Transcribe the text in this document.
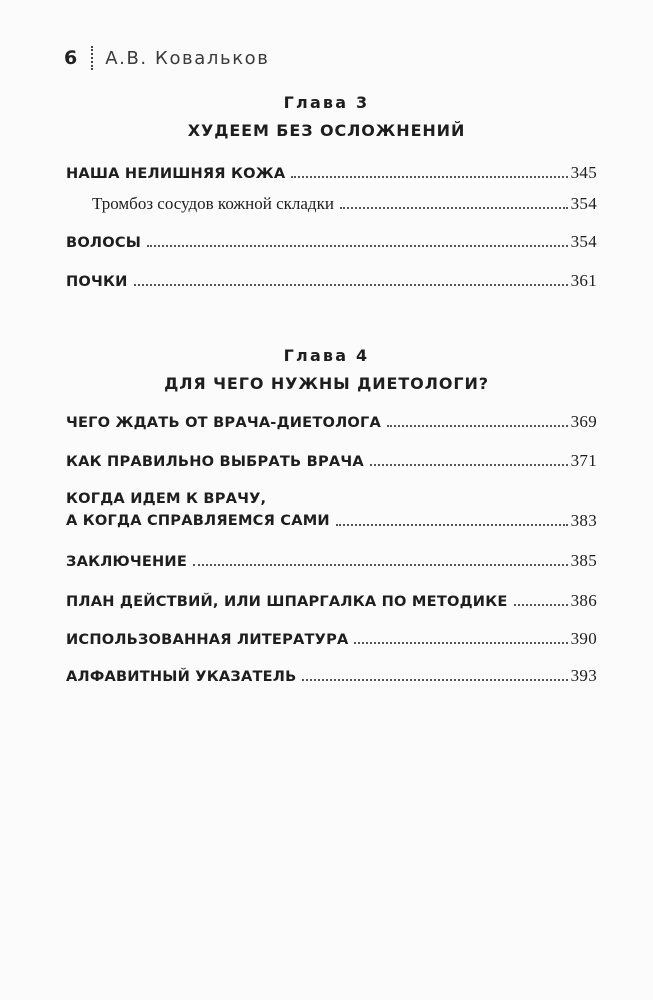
6 А.В. Ковальков
Глава 3
ХУДЕЕМ БЕЗ ОСЛОЖНЕНИЙ
НАША НЕЛИШНЯЯ КОЖА	345
Тромбоз сосудов кожной складки	354
ВОЛОСЫ	354
ПОЧКИ	361
Глава 4
ДЛЯ ЧЕГО НУЖНЫ ДИЕТОЛОГИ?
ЧЕГО ЖДАТЬ ОТ ВРАЧА-ДИЕТОЛОГА	369
КАК ПРАВИЛЬНО ВЫБРАТЬ ВРАЧА	371
КОГДА ИДЕМ К ВРАЧУ,
А КОГДА СПРАВЛЯЕМСЯ САМИ	383
ЗАКЛЮЧЕНИЕ	385
ПЛАН ДЕЙСТВИЙ, ИЛИ ШПАРГАЛКА ПО МЕТОДИКЕ	386
ИСПОЛЬЗОВАННАЯ ЛИТЕРАТУРА	390
АЛФАВИТНЫЙ УКАЗАТЕЛЬ	393
